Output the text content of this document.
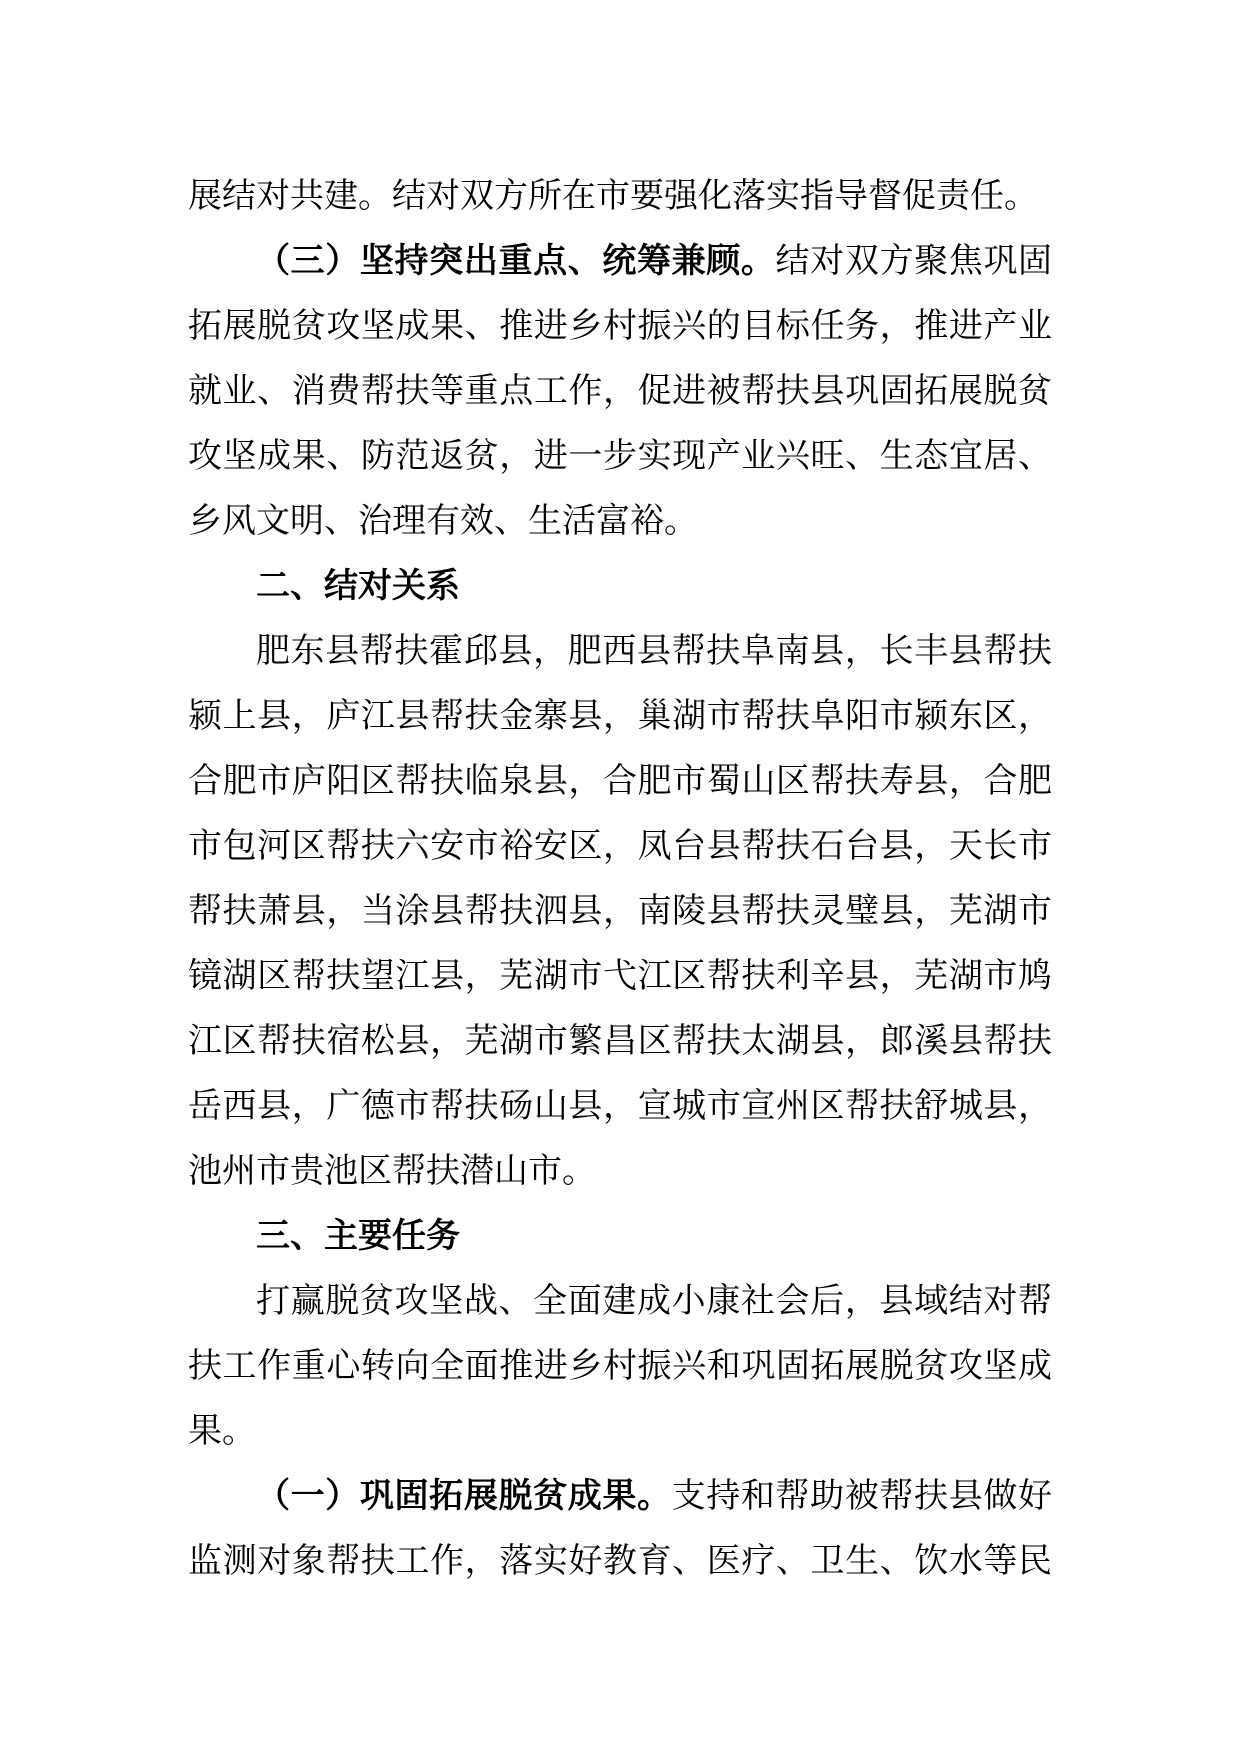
展结对共建。结对双方所在市要强化落实指导督促责任。
（三）坚持突出重点、统筹兼顾。结对双方聚焦巩固
拓展脱贫攻坚成果、推进乡村振兴的目标任务，推进产业
就业、消费帮扶等重点工作，促进被帮扶县巩固拓展脱贫
攻坚成果、防范返贫，进一步实现产业兴旺、生态宜居、
乡风文明、治理有效、生活富裕。
二、结对关系
肥东县帮扶霍邱县，肥西县帮扶阜南县，长丰县帮扶
颍上县，庐江县帮扶金寨县，巢湖市帮扶阜阳市颍东区，
合肥市庐阳区帮扶临泉县，合肥市蜀山区帮扶寿县，合肥
市包河区帮扶六安市裕安区，凤台县帮扶石台县，天长市
帮扶萧县，当涂县帮扶泗县，南陵县帮扶灵璧县，芜湖市
镜湖区帮扶望江县，芜湖市弋江区帮扶利辛县，芜湖市鸠
江区帮扶宿松县，芜湖市繁昌区帮扶太湖县，郎溪县帮扶
岳西县，广德市帮扶砀山县，宣城市宣州区帮扶舒城县，
池州市贵池区帮扶潜山市。
三、主要任务
打赢脱贫攻坚战、全面建成小康社会后，县域结对帮
扶工作重心转向全面推进乡村振兴和巩固拓展脱贫攻坚成
果。
（一）巩固拓展脱贫成果。支持和帮助被帮扶县做好
监测对象帮扶工作，落实好教育、医疗、卫生、饮水等民
